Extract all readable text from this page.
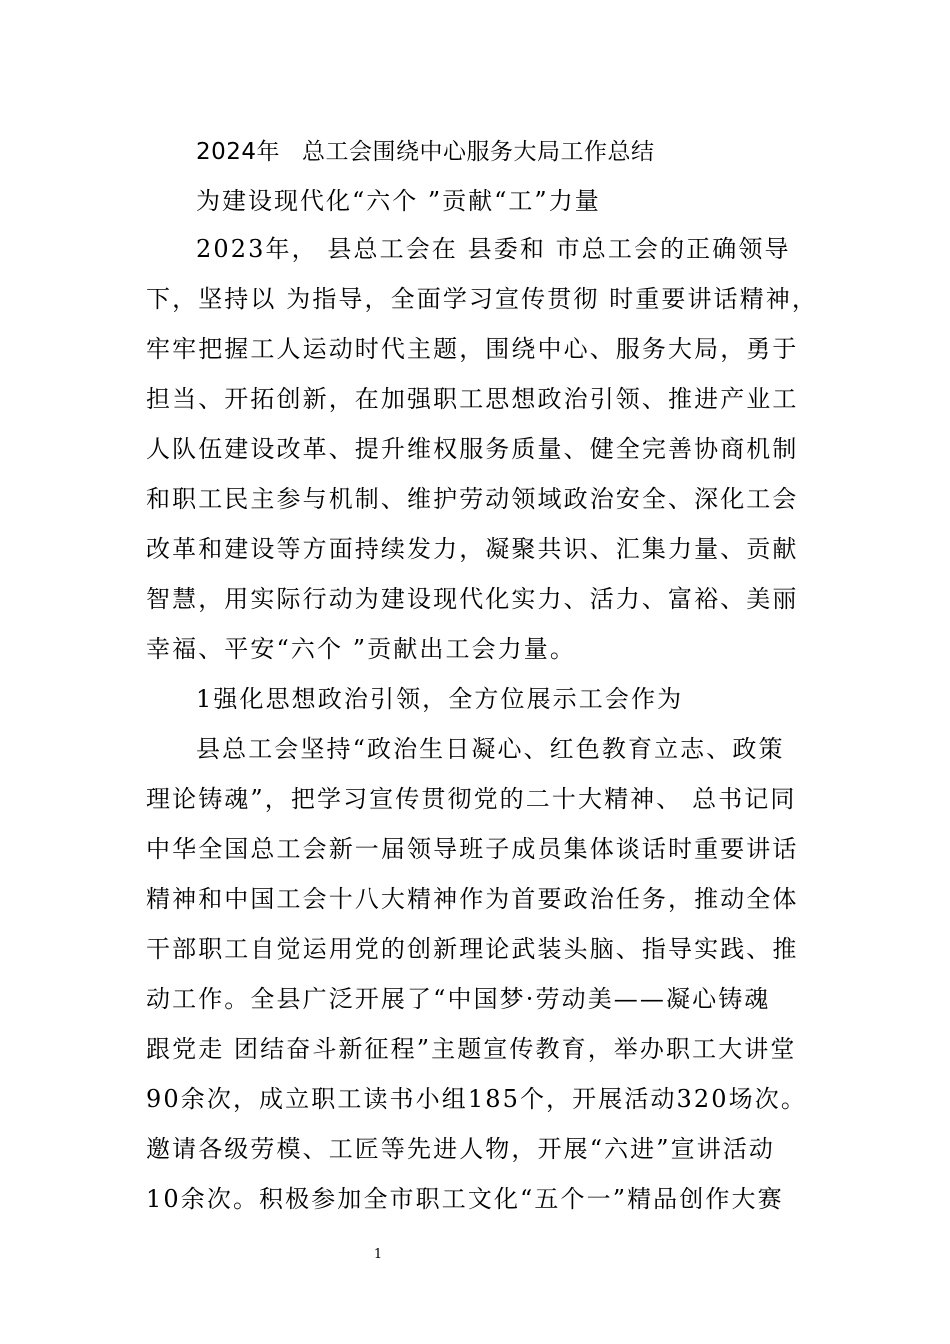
2024年 总工会围绕中心服务大局工作总结
为建设现代化“六个 ”贡献“工”力量
2023年， 县总工会在 县委和 市总工会的正确领导
下，坚持以 为指导，全面学习宣传贯彻 时重要讲话精神，
牢牢把握工人运动时代主题，围绕中心、服务大局，勇于
担当、开拓创新，在加强职工思想政治引领、推进产业工
人队伍建设改革、提升维权服务质量、健全完善协商机制
和职工民主参与机制、维护劳动领域政治安全、深化工会
改革和建设等方面持续发力，凝聚共识、汇集力量、贡献
智慧，用实际行动为建设现代化实力、活力、富裕、美丽
幸福、平安“六个 ”贡献出工会力量。
1强化思想政治引领，全方位展示工会作为
县总工会坚持“政治生日凝心、红色教育立志、政策
理论铸魂”，把学习宣传贯彻党的二十大精神、 总书记同
中华全国总工会新一届领导班子成员集体谈话时重要讲话
精神和中国工会十八大精神作为首要政治任务，推动全体
干部职工自觉运用党的创新理论武装头脑、指导实践、推
动工作。全县广泛开展了“中国梦·劳动美——凝心铸魂
跟党走 团结奋斗新征程”主题宣传教育，举办职工大讲堂
90余次，成立职工读书小组185个，开展活动320场次。
邀请各级劳模、工匠等先进人物，开展“六进”宣讲活动
10余次。积极参加全市职工文化“五个一”精品创作大赛
1
